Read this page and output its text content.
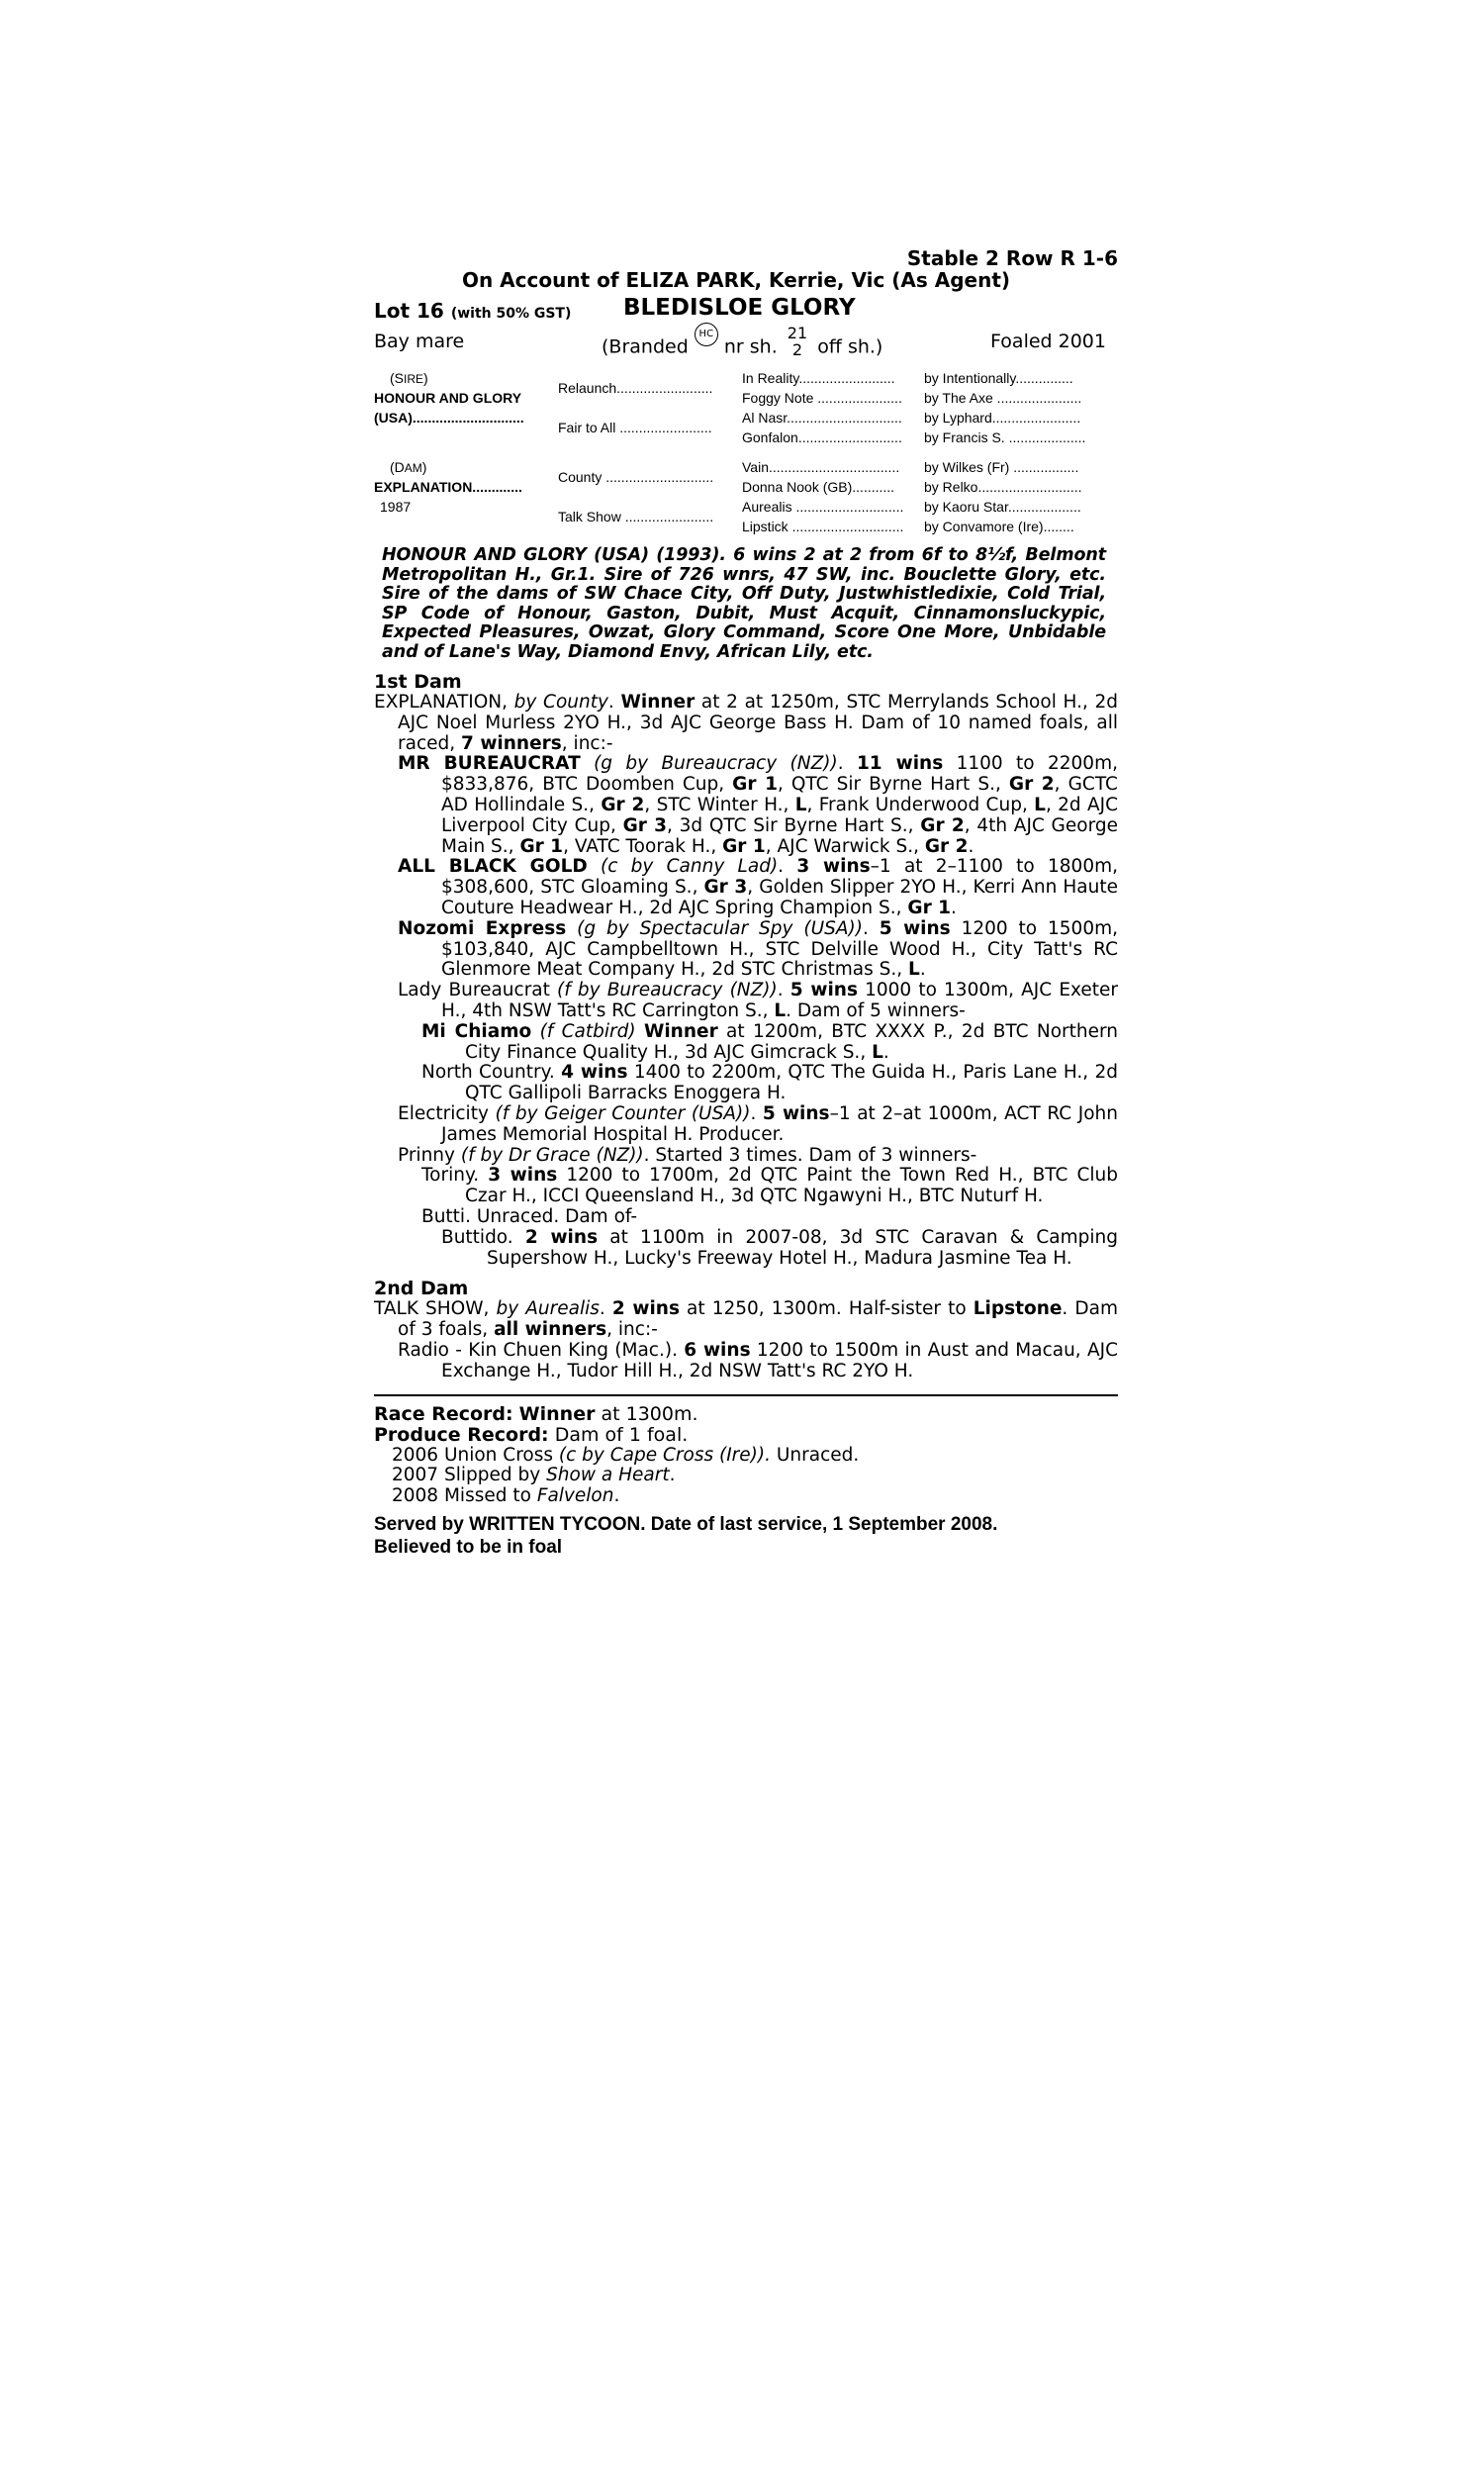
Stable 2 Row R 1-6
On Account of ELIZA PARK, Kerrie, Vic (As Agent)
Lot 16 (with 50% GST) BLEDISLOE GLORY
Bay mare	(Branded HC nr sh.
21
2 off sh.)	Foaled 2001
(SIRE)
HONOUR AND GLORY
(USA).............................
(DAM)
EXPLANATION.............
1987
Relaunch.........................
Fair to All ........................
County ............................
Talk Show .......................
In Reality.........................
Foggy Note ......................
Al Nasr..............................
Gonfalon...........................
Vain..................................
Donna Nook (GB)...........
Aurealis ............................
Lipstick .............................
by Intentionally...............
by The Axe ......................
by Lyphard.......................
by Francis S. ....................
by Wilkes (Fr) .................
by Relko...........................
by Kaoru Star...................
by Convamore (Ire)........
HONOUR AND GLORY (USA) (1993). 6 wins 2 at 2 from 6f to 8½f, Belmont Metropolitan H., Gr.1. Sire of 726 wnrs, 47 SW, inc. Bouclette Glory, etc. Sire of the dams of SW Chace City, Off Duty, Justwhistledixie, Cold Trial, SP Code of Honour, Gaston, Dubit, Must Acquit, Cinnamonsluckypic, Expected Pleasures, Owzat, Glory Command, Score One More, Unbidable and of Lane's Way, Diamond Envy, African Lily, etc.
1st Dam
EXPLANATION, by County. Winner at 2 at 1250m, STC Merrylands School H., 2d AJC Noel Murless 2YO H., 3d AJC George Bass H. Dam of 10 named foals, all raced, 7 winners, inc:-
MR BUREAUCRAT (g by Bureaucracy (NZ)). 11 wins 1100 to 2200m, $833,876, BTC Doomben Cup, Gr 1, QTC Sir Byrne Hart S., Gr 2, GCTC AD Hollindale S., Gr 2, STC Winter H., L, Frank Underwood Cup, L, 2d AJC Liverpool City Cup, Gr 3, 3d QTC Sir Byrne Hart S., Gr 2, 4th AJC George Main S., Gr 1, VATC Toorak H., Gr 1, AJC Warwick S., Gr 2.
ALL BLACK GOLD (c by Canny Lad). 3 wins–1 at 2–1100 to 1800m, $308,600, STC Gloaming S., Gr 3, Golden Slipper 2YO H., Kerri Ann Haute Couture Headwear H., 2d AJC Spring Champion S., Gr 1.
Nozomi Express (g by Spectacular Spy (USA)). 5 wins 1200 to 1500m, $103,840, AJC Campbelltown H., STC Delville Wood H., City Tatt's RC Glenmore Meat Company H., 2d STC Christmas S., L.
Lady Bureaucrat (f by Bureaucracy (NZ)). 5 wins 1000 to 1300m, AJC Exeter H., 4th NSW Tatt's RC Carrington S., L. Dam of 5 winners-
Mi Chiamo (f Catbird) Winner at 1200m, BTC XXXX P., 2d BTC Northern City Finance Quality H., 3d AJC Gimcrack S., L.
North Country. 4 wins 1400 to 2200m, QTC The Guida H., Paris Lane H., 2d QTC Gallipoli Barracks Enoggera H.
Electricity (f by Geiger Counter (USA)). 5 wins–1 at 2–at 1000m, ACT RC John James Memorial Hospital H. Producer.
Prinny (f by Dr Grace (NZ)). Started 3 times. Dam of 3 winners-
Toriny. 3 wins 1200 to 1700m, 2d QTC Paint the Town Red H., BTC Club Czar H., ICCI Queensland H., 3d QTC Ngawyni H., BTC Nuturf H.
Butti. Unraced. Dam of-
Buttido. 2 wins at 1100m in 2007-08, 3d STC Caravan & Camping Supershow H., Lucky's Freeway Hotel H., Madura Jasmine Tea H.
2nd Dam
TALK SHOW, by Aurealis. 2 wins at 1250, 1300m. Half-sister to Lipstone. Dam of 3 foals, all winners, inc:-
Radio - Kin Chuen King (Mac.). 6 wins 1200 to 1500m in Aust and Macau, AJC Exchange H., Tudor Hill H., 2d NSW Tatt's RC 2YO H.
Race Record: Winner at 1300m.
Produce Record: Dam of 1 foal.
2006 Union Cross (c by Cape Cross (Ire)). Unraced.
2007 Slipped by Show a Heart.
2008 Missed to Falvelon.
Served by WRITTEN TYCOON. Date of last service, 1 September 2008.
Believed to be in foal
